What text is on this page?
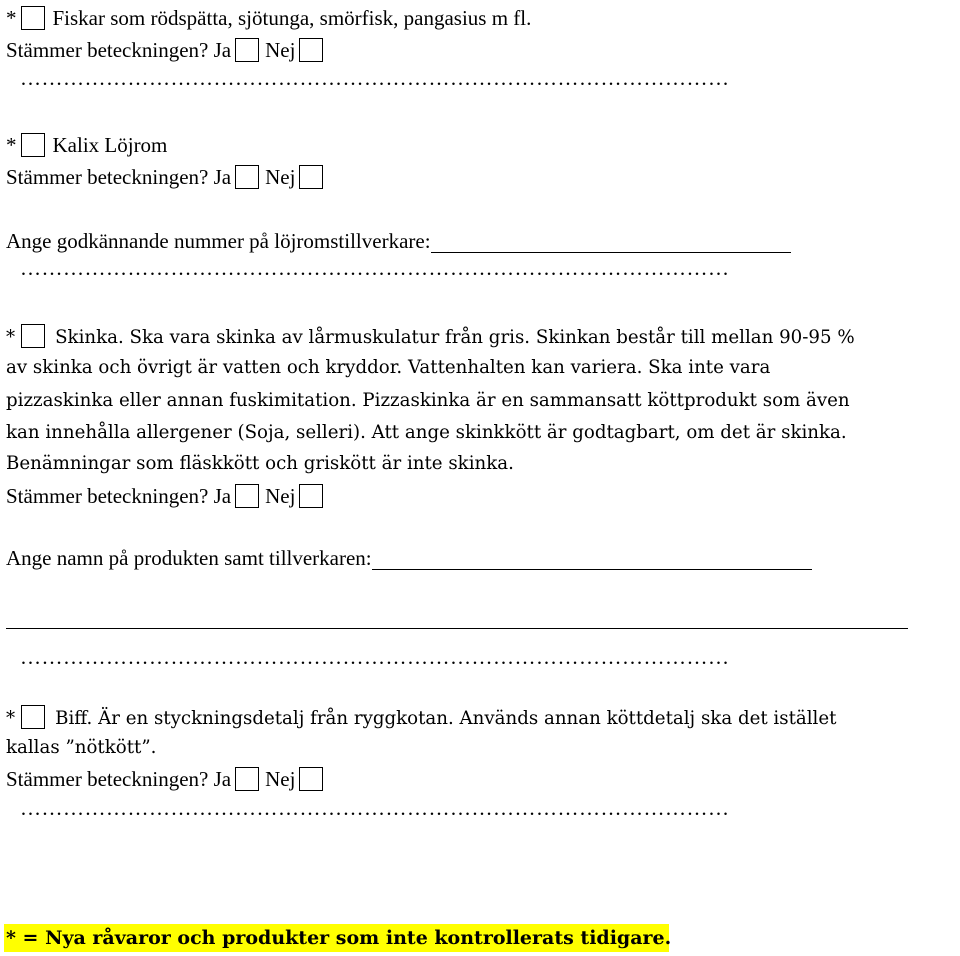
* Fiskar som rödspätta, sjötunga, smörfisk, pangasius m fl.
Stämmer beteckningen? Ja Nej
………………………………………………………………………………………
* Kalix Löjrom
Stämmer beteckningen? Ja Nej
Ange godkännande nummer på löjromstillverkare:
………………………………………………………………………………………
* Skinka. Ska vara skinka av lårmuskulatur från gris. Skinkan består till mellan 90-95 %
av skinka och övrigt är vatten och kryddor. Vattenhalten kan variera. Ska inte vara
pizzaskinka eller annan fuskimitation. Pizzaskinka är en sammansatt köttprodukt som även
kan innehålla allergener (Soja, selleri). Att ange skinkkött är godtagbart, om det är skinka.
Benämningar som fläskkött och griskött är inte skinka.
Stämmer beteckningen? Ja Nej
Ange namn på produkten samt tillverkaren:
………………………………………………………………………………………
* Biff. Är en styckningsdetalj från ryggkotan. Används annan köttdetalj ska det istället
kallas ”nötkött”.
Stämmer beteckningen? Ja Nej
………………………………………………………………………………………
* = Nya råvaror och produkter som inte kontrollerats tidigare.
